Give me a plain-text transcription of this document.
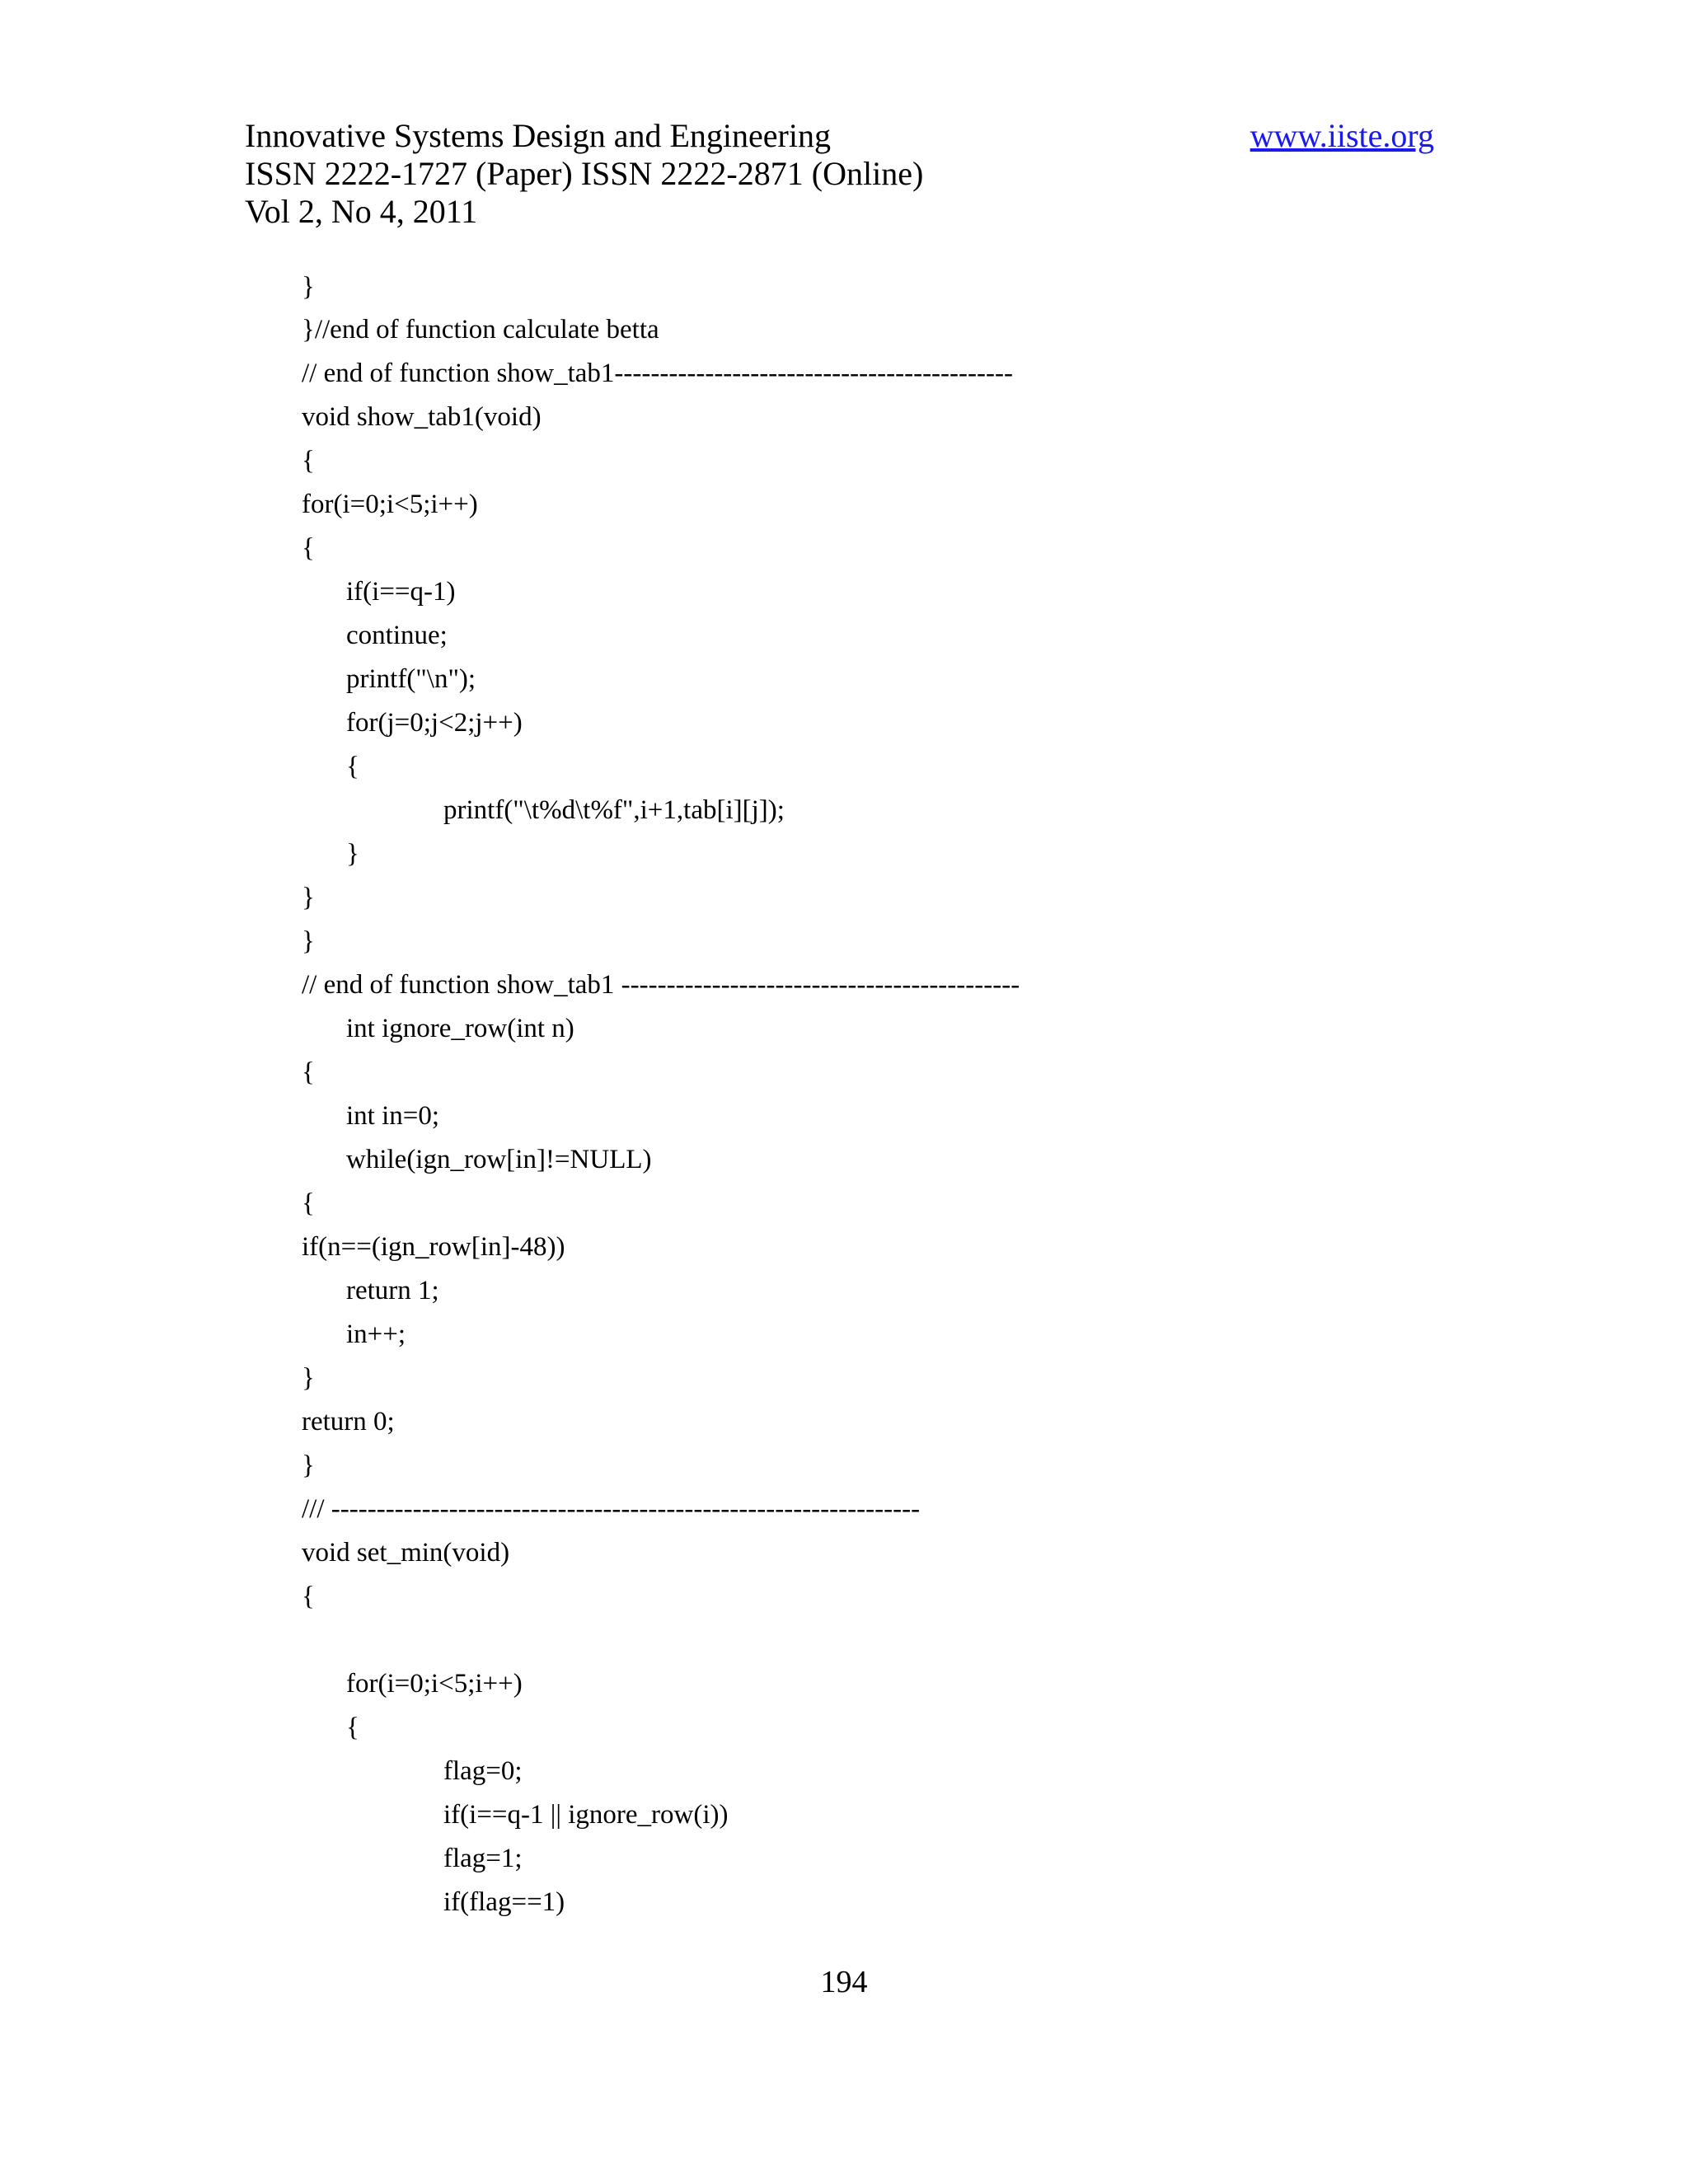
Innovative Systems Design and Engineering	www.iiste.org
ISSN 2222-1727 (Paper) ISSN 2222-2871 (Online)
Vol 2, No 4, 2011
}
}//end of function calculate betta
// end of function show_tab1--------------------------------------------
void show_tab1(void)
{
for(i=0;i<5;i++)
{
if(i==q-1)
continue;
printf("\n");
for(j=0;j<2;j++)
{
printf("\t%d\t%f",i+1,tab[i][j]);
}
}
}
// end of function show_tab1 --------------------------------------------
int ignore_row(int n)
{
int in=0;
while(ign_row[in]!=NULL)
{
if(n==(ign_row[in]-48))
return 1;
in++;
}
return 0;
}
/// -----------------------------------------------------------------
void set_min(void)
{
for(i=0;i<5;i++)
{
flag=0;
if(i==q-1 || ignore_row(i))
flag=1;
if(flag==1)
194
